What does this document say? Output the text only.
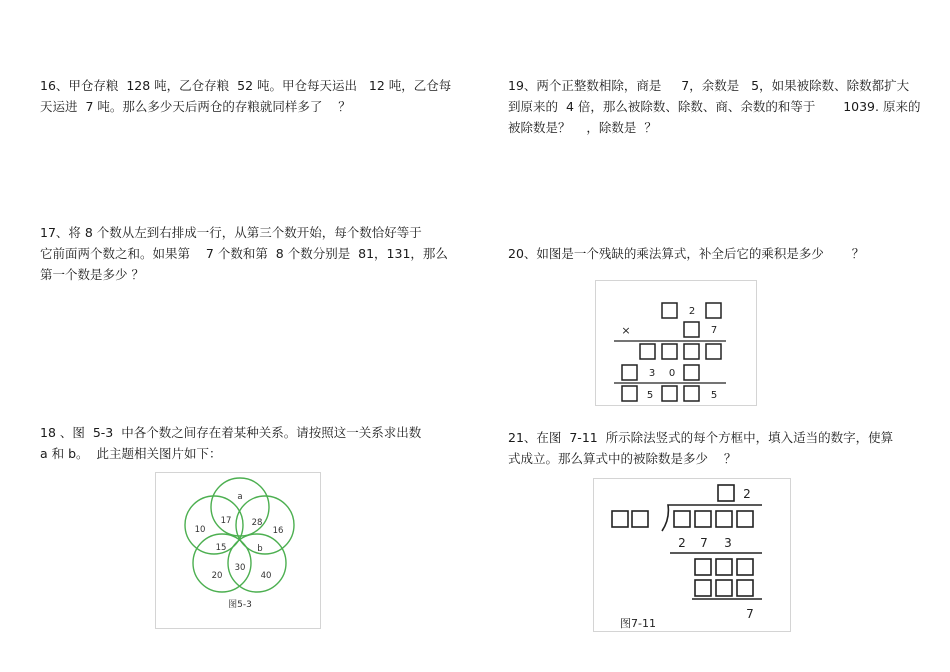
16、甲仓存粮  128 吨，乙仓存粮  52 吨。甲仓每天运出   12 吨，乙仓每

天运进  7 吨。那么多少天后两仓的存粮就同样多了    ？

17、将 8 个数从左到右排成一行，从第三个数开始，每个数恰好等于

它前面两个数之和。如果第    7 个数和第  8 个数分别是  81，131，那么

第一个数是多少 ？

18 、图  5-3  中各个数之间存在着某种关系。请按照这一关系求出数

a 和 b。  此主题相关图片如下：

19、两个正整数相除，商是     7，余数是   5，如果被除数、除数都扩大

到原来的  4 倍，那么被除数、除数、商、余数的和等于       1039. 原来的

被除数是？    ，除数是  ？

20、如图是一个残缺的乘法算式，补全后它的乘积是多少       ？

21、在图  7-11  所示除法竖式的每个方框中，填入适当的数字，使算

式成立。那么算式中的被除数是多少    ？

a
17 28
10	16
15	b
30
20	40
图5-3
2
×	7
3 0
5	5
2
2 7 3
7
图7-11
